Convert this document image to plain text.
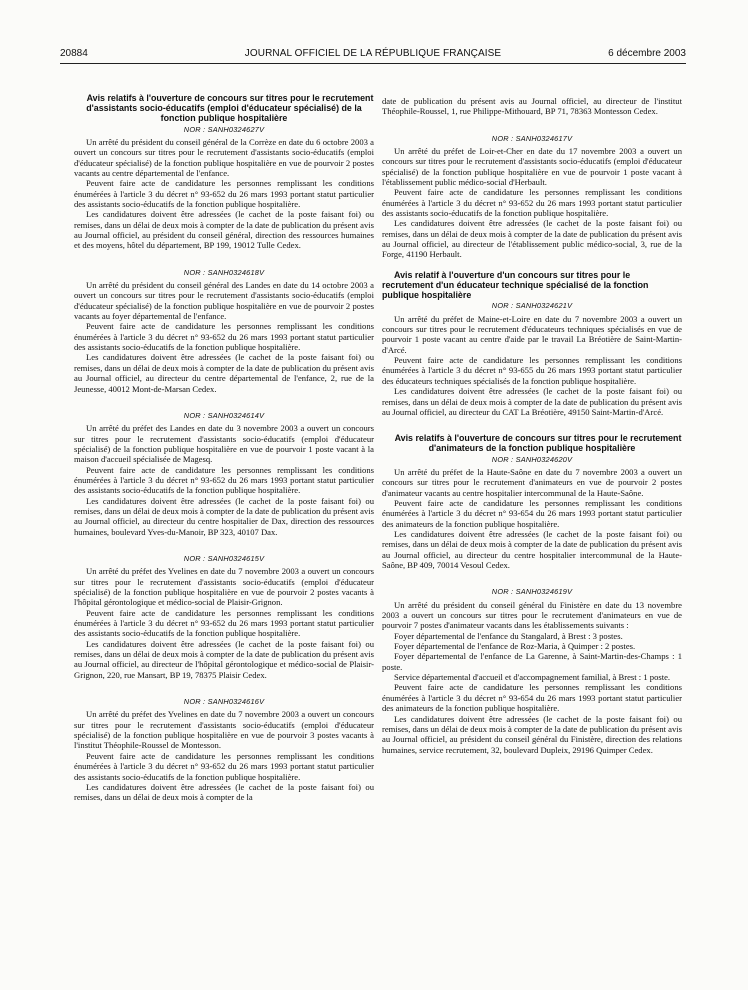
20884	JOURNAL OFFICIEL DE LA RÉPUBLIQUE FRANÇAISE	6 décembre 2003

Avis relatifs à l'ouverture de concours sur titres pour le recrutement d'assistants socio-éducatifs (emploi d'éducateur spécialisé) de la fonction publique hospitalière

NOR : SANH0324627V

Un arrêté du président du conseil général de la Corrèze en date du 6 octobre 2003 a ouvert un concours sur titres pour le recrutement d'assistants socio-éducatifs (emploi d'éducateur spécialisé) de la fonction publique hospitalière en vue de pourvoir 2 postes vacants au centre départemental de l'enfance.

Peuvent faire acte de candidature les personnes remplissant les conditions énumérées à l'article 3 du décret n° 93-652 du 26 mars 1993 portant statut particulier des assistants socio-éducatifs de la fonction publique hospitalière.

Les candidatures doivent être adressées (le cachet de la poste faisant foi) ou remises, dans un délai de deux mois à compter de la date de publication du présent avis au Journal officiel, au président du conseil général, direction des ressources humaines et des moyens, hôtel du département, BP 199, 19012 Tulle Cedex.

NOR : SANH0324618V

Un arrêté du président du conseil général des Landes en date du 14 octobre 2003 a ouvert un concours sur titres pour le recrutement d'assistants socio-éducatifs (emploi d'éducateur spécialisé) de la fonction publique hospitalière en vue de pourvoir 2 postes vacants au foyer départemental de l'enfance.

Peuvent faire acte de candidature les personnes remplissant les conditions énumérées à l'article 3 du décret n° 93-652 du 26 mars 1993 portant statut particulier des assistants socio-éducatifs de la fonction publique hospitalière.

Les candidatures doivent être adressées (le cachet de la poste faisant foi) ou remises, dans un délai de deux mois à compter de la date de publication du présent avis au Journal officiel, au directeur du centre départemental de l'enfance, 2, rue de la Jeunesse, 40012 Mont-de-Marsan Cedex.

NOR : SANH0324614V

Un arrêté du préfet des Landes en date du 3 novembre 2003 a ouvert un concours sur titres pour le recrutement d'assistants socio-éducatifs (emploi d'éducateur spécialisé) de la fonction publique hospitalière en vue de pourvoir 1 poste vacant à la maison d'accueil spécialisée de Magesq.

Peuvent faire acte de candidature les personnes remplissant les conditions énumérées à l'article 3 du décret n° 93-652 du 26 mars 1993 portant statut particulier des assistants socio-éducatifs de la fonction publique hospitalière.

Les candidatures doivent être adressées (le cachet de la poste faisant foi) ou remises, dans un délai de deux mois à compter de la date de publication du présent avis au Journal officiel, au directeur du centre hospitalier de Dax, direction des ressources humaines, boulevard Yves-du-Manoir, BP 323, 40107 Dax.

NOR : SANH0324615V

Un arrêté du préfet des Yvelines en date du 7 novembre 2003 a ouvert un concours sur titres pour le recrutement d'assistants socio-éducatifs (emploi d'éducateur spécialisé) de la fonction publique hospitalière en vue de pourvoir 2 postes vacants à l'hôpital gérontologique et médico-social de Plaisir-Grignon.

Peuvent faire acte de candidature les personnes remplissant les conditions énumérées à l'article 3 du décret n° 93-652 du 26 mars 1993 portant statut particulier des assistants socio-éducatifs de la fonction publique hospitalière.

Les candidatures doivent être adressées (le cachet de la poste faisant foi) ou remises, dans un délai de deux mois à compter de la date de publication du présent avis au Journal officiel, au directeur de l'hôpital gérontologique et médico-social de Plaisir-Grignon, 220, rue Mansart, BP 19, 78375 Plaisir Cedex.

NOR : SANH0324616V

Un arrêté du préfet des Yvelines en date du 7 novembre 2003 a ouvert un concours sur titres pour le recrutement d'assistants socio-éducatifs (emploi d'éducateur spécialisé) de la fonction publique hospitalière en vue de pourvoir 3 postes vacants à l'institut Théophile-Roussel de Montesson.

Peuvent faire acte de candidature les personnes remplissant les conditions énumérées à l'article 3 du décret n° 93-652 du 26 mars 1993 portant statut particulier des assistants socio-éducatifs de la fonction publique hospitalière.

Les candidatures doivent être adressées (le cachet de la poste faisant foi) ou remises, dans un délai de deux mois à compter de la

date de publication du présent avis au Journal officiel, au directeur de l'institut Théophile-Roussel, 1, rue Philippe-Mithouard, BP 71, 78363 Montesson Cedex.

NOR : SANH0324617V

Un arrêté du préfet de Loir-et-Cher en date du 17 novembre 2003 a ouvert un concours sur titres pour le recrutement d'assistants socio-éducatifs (emploi d'éducateur spécialisé) de la fonction publique hospitalière en vue de pourvoir 1 poste vacant à l'établissement public médico-social d'Herbault.

Peuvent faire acte de candidature les personnes remplissant les conditions énumérées à l'article 3 du décret n° 93-652 du 26 mars 1993 portant statut particulier des assistants socio-éducatifs de la fonction publique hospitalière.

Les candidatures doivent être adressées (le cachet de la poste faisant foi) ou remises, dans un délai de deux mois à compter de la date de publication du présent avis au Journal officiel, au directeur de l'établissement public médico-social, 3, rue de la Forge, 41190 Herbault.

Avis relatif à l'ouverture d'un concours sur titres pour le recrutement d'un éducateur technique spécialisé de la fonction publique hospitalière

NOR : SANH0324621V

Un arrêté du préfet de Maine-et-Loire en date du 7 novembre 2003 a ouvert un concours sur titres pour le recrutement d'éducateurs techniques spécialisés en vue de pourvoir 1 poste vacant au centre d'aide par le travail La Bréotière de Saint-Martin-d'Arcé.

Peuvent faire acte de candidature les personnes remplissant les conditions énumérées à l'article 3 du décret n° 93-655 du 26 mars 1993 portant statut particulier des éducateurs techniques spécialisés de la fonction publique hospitalière.

Les candidatures doivent être adressées (le cachet de la poste faisant foi) ou remises, dans un délai de deux mois à compter de la date de publication du présent avis au Journal officiel, au directeur du CAT La Bréotière, 49150 Saint-Martin-d'Arcé.

Avis relatifs à l'ouverture de concours sur titres pour le recrutement d'animateurs de la fonction publique hospitalière

NOR : SANH0324620V

Un arrêté du préfet de la Haute-Saône en date du 7 novembre 2003 a ouvert un concours sur titres pour le recrutement d'animateurs en vue de pourvoir 2 postes d'animateur vacants au centre hospitalier intercommunal de la Haute-Saône.

Peuvent faire acte de candidature les personnes remplissant les conditions énumérées à l'article 3 du décret n° 93-654 du 26 mars 1993 portant statut particulier des animateurs de la fonction publique hospitalière.

Les candidatures doivent être adressées (le cachet de la poste faisant foi) ou remises, dans un délai de deux mois à compter de la date de publication du présent avis au Journal officiel, au directeur du centre hospitalier intercommunal de la Haute-Saône, BP 409, 70014 Vesoul Cedex.

NOR : SANH0324619V

Un arrêté du président du conseil général du Finistère en date du 13 novembre 2003 a ouvert un concours sur titres pour le recrutement d'animateurs en vue de pourvoir 7 postes d'animateur vacants dans les établissements suivants :

Foyer départemental de l'enfance du Stangalard, à Brest : 3 postes.

Foyer départemental de l'enfance de Roz-Maria, à Quimper : 2 postes.

Foyer départemental de l'enfance de La Garenne, à Saint-Martin-des-Champs : 1 poste.

Service départemental d'accueil et d'accompagnement familial, à Brest : 1 poste.

Peuvent faire acte de candidature les personnes remplissant les conditions énumérées à l'article 3 du décret n° 93-654 du 26 mars 1993 portant statut particulier des animateurs de la fonction publique hospitalière.

Les candidatures doivent être adressées (le cachet de la poste faisant foi) ou remises, dans un délai de deux mois à compter de la date de publication du présent avis au Journal officiel, au président du conseil général du Finistère, direction des relations humaines, service recrutement, 32, boulevard Dupleix, 29196 Quimper Cedex.
